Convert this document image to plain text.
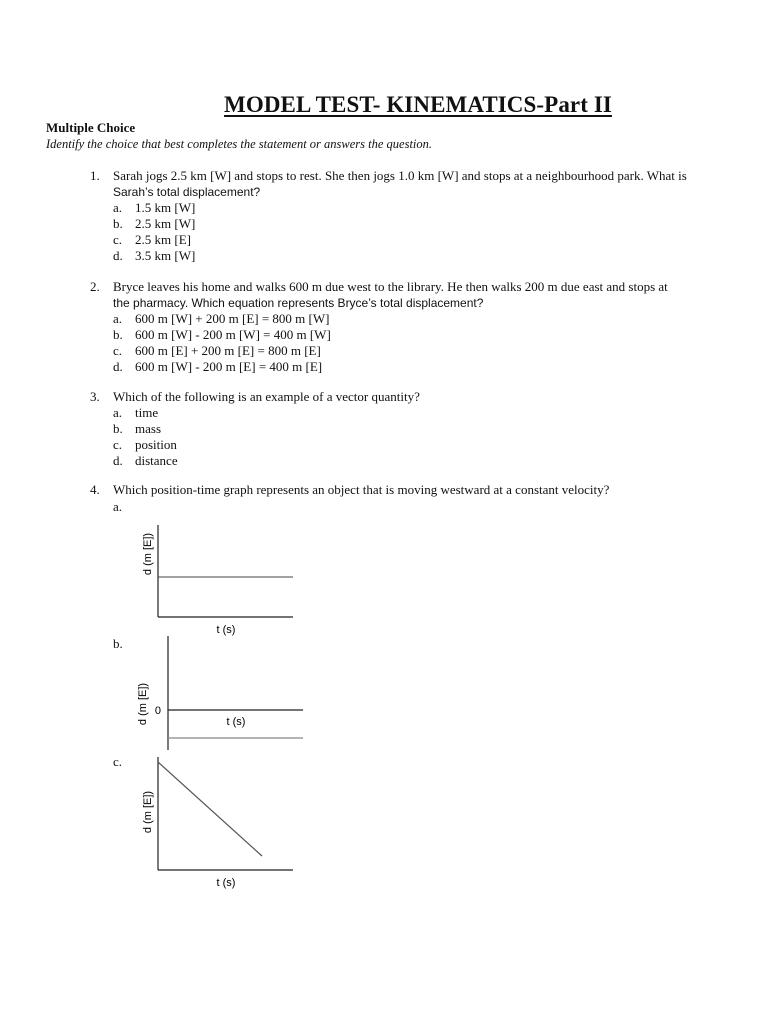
MODEL TEST- KINEMATICS-Part II
Multiple Choice
Identify the choice that best completes the statement or answers the question.
1. Sarah jogs 2.5 km [W] and stops to rest. She then jogs 1.0 km [W] and stops at a neighbourhood park. What is
Sarah’s total displacement?
a. 1.5 km [W]
b. 2.5 km [W]
c. 2.5 km [E]
d. 3.5 km [W]
2. Bryce leaves his home and walks 600 m due west to the library. He then walks 200 m due east and stops at
the pharmacy. Which equation represents Bryce’s total displacement?
a. 600 m [W] + 200 m [E] = 800 m [W]
b. 600 m [W] - 200 m [W] = 400 m [W]
c. 600 m [E] + 200 m [E] = 800 m [E]
d. 600 m [W] - 200 m [E] = 400 m [E]
3. Which of the following is an example of a vector quantity?
a. time
b. mass
c. position
d. distance
4. Which position-time graph represents an object that is moving westward at a constant velocity?
a.
d (m [E])
t (s)
b.
0
d (m [E])	t (s)
c.
d (m [E])
t (s)
